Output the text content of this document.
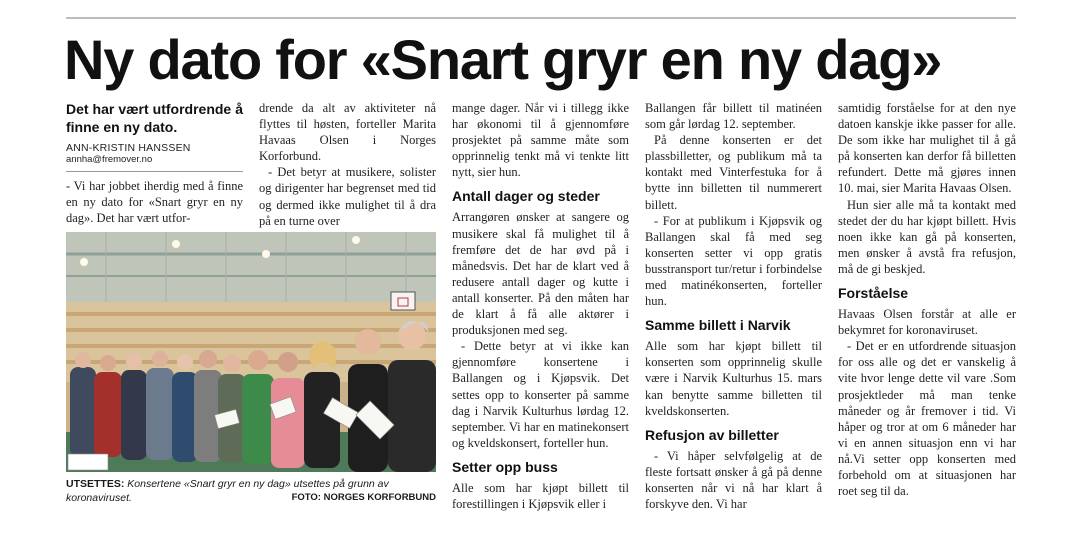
Ny dato for «Snart gryr en ny dag»
Det har vært utfordrende å finne en ny dato.
ANN-KRISTIN HANSSEN
annha@fremover.no

- Vi har jobbet iherdig med å finne en ny dato for «Snart gryr en ny dag». Det har vært utfor-

drende da alt av aktiviteter nå flyttes til høsten, forteller Marita Havaas Olsen i Norges Korforbund.

- Det betyr at musikere, solister og dirigenter har begrenset med tid og dermed ikke mulighet til å dra på en turne over

UTSETTES: Konsertene «Snart gryr en ny dag» utsettes på grunn av koronaviruset.	FOTO: NORGES KORFORBUND

mange dager. Når vi i tillegg ikke har økonomi til å gjennomføre prosjektet på samme måte som opprinnelig tenkt må vi tenkte litt nytt, sier hun.

Antall dager og steder

Arrangøren ønsker at sangere og musikere skal få mulighet til å fremføre det de har øvd på i månedsvis. Det har de klart ved å redusere antall dager og kutte i antall konserter. På den måten har de klart å få alle aktører i produksjonen med seg.

- Dette betyr at vi ikke kan gjennomføre konsertene i Ballangen og i Kjøpsvik. Det settes opp to konserter på samme dag i Narvik Kulturhus lørdag 12. september. Vi har en matinekonsert og kveldskonsert, forteller hun.

Setter opp buss

Alle som har kjøpt billett til forestillingen i Kjøpsvik eller i

Ballangen får billett til matinéen som går lørdag 12. september.

På denne konserten er det plassbilletter, og publikum må ta kontakt med Vinterfestuka for å bytte inn billetten til nummerert billett.

- For at publikum i Kjøpsvik og Ballangen skal få med seg konserten setter vi opp gratis busstransport tur/retur i forbindelse med matinékonserten, forteller hun.

Samme billett i Narvik

Alle som har kjøpt billett til konserten som opprinnelig skulle være i Narvik Kulturhus 15. mars kan benytte samme billetten til kveldskonserten.

Refusjon av billetter

- Vi håper selvfølgelig at de fleste fortsatt ønsker å gå på denne konserten når vi nå har klart å forskyve den. Vi har

samtidig forståelse for at den nye datoen kanskje ikke passer for alle. De som ikke har mulighet til å gå på konserten kan derfor få billetten refundert. Dette må gjøres innen 10. mai, sier Marita Havaas Olsen.

Hun sier alle må ta kontakt med stedet der du har kjøpt billett. Hvis noen ikke kan gå på konserten, men ønsker å avstå fra refusjon, må de gi beskjed.

Forståelse

Havaas Olsen forstår at alle er bekymret for koronaviruset.

- Det er en utfordrende situasjon for oss alle og det er vanskelig å vite hvor lenge dette vil vare .Som prosjektleder må man tenke måneder og år fremover i tid. Vi håper og tror at om 6 måneder har vi en annen situasjon enn vi har nå.Vi setter opp konserten med forbehold om at situasjonen har roet seg til da.
